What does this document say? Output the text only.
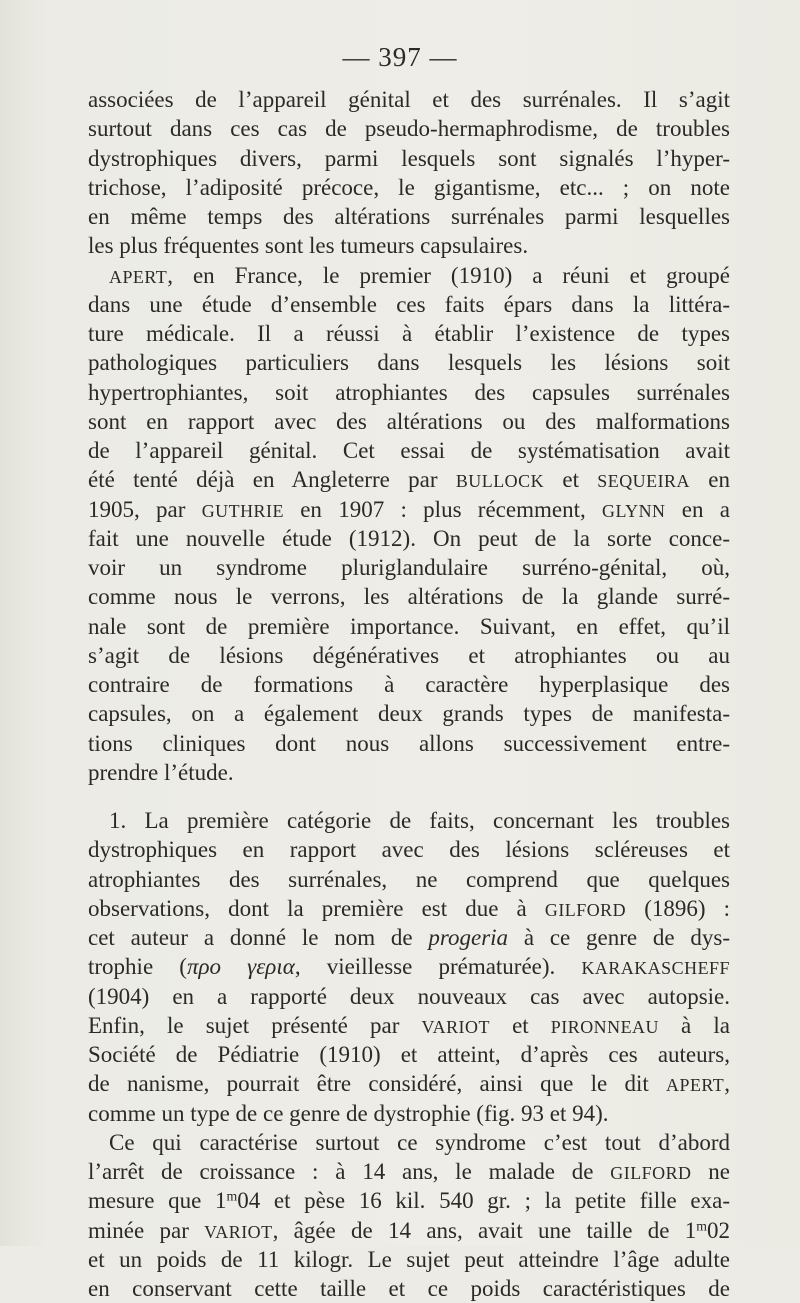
— 397 —
associées de l’appareil génital et des surrénales. Il s’agit
surtout dans ces cas de pseudo-hermaphrodisme, de troubles
dystrophiques divers, parmi lesquels sont signalés l’hyper-
trichose, l’adiposité précoce, le gigantisme, etc... ; on note
en même temps des altérations surrénales parmi lesquelles
les plus fréquentes sont les tumeurs capsulaires.
APERT, en France, le premier (1910) a réuni et groupé
dans une étude d’ensemble ces faits épars dans la littéra-
ture médicale. Il a réussi à établir l’existence de types
pathologiques particuliers dans lesquels les lésions soit
hypertrophiantes, soit atrophiantes des capsules surrénales
sont en rapport avec des altérations ou des malformations
de l’appareil génital. Cet essai de systématisation avait
été tenté déjà en Angleterre par BULLOCK et SEQUEIRA en
1905, par GUTHRIE en 1907 : plus récemment, GLYNN en a
fait une nouvelle étude (1912). On peut de la sorte conce-
voir un syndrome pluriglandulaire surréno-génital, où,
comme nous le verrons, les altérations de la glande surré-
nale sont de première importance. Suivant, en effet, qu’il
s’agit de lésions dégénératives et atrophiantes ou au
contraire de formations à caractère hyperplasique des
capsules, on a également deux grands types de manifesta-
tions cliniques dont nous allons successivement entre-
prendre l’étude.
1. La première catégorie de faits, concernant les troubles
dystrophiques en rapport avec des lésions scléreuses et
atrophiantes des surrénales, ne comprend que quelques
observations, dont la première est due à GILFORD (1896) :
cet auteur a donné le nom de progeria à ce genre de dys-
trophie (προ γερια, vieillesse prématurée). KARAKASCHEFF
(1904) en a rapporté deux nouveaux cas avec autopsie.
Enfin, le sujet présenté par VARIOT et PIRONNEAU à la
Société de Pédiatrie (1910) et atteint, d’après ces auteurs,
de nanisme, pourrait être considéré, ainsi que le dit APERT,
comme un type de ce genre de dystrophie (fig. 93 et 94).
Ce qui caractérise surtout ce syndrome c’est tout d’abord
l’arrêt de croissance : à 14 ans, le malade de GILFORD ne
mesure que 1$^m$04 et pèse 16 kil. 540 gr. ; la petite fille exa-
minée par VARIOT, âgée de 14 ans, avait une taille de 1$^m$02
et un poids de 11 kilogr. Le sujet peut atteindre l’âge adulte
en conservant cette taille et ce poids caractéristiques de
